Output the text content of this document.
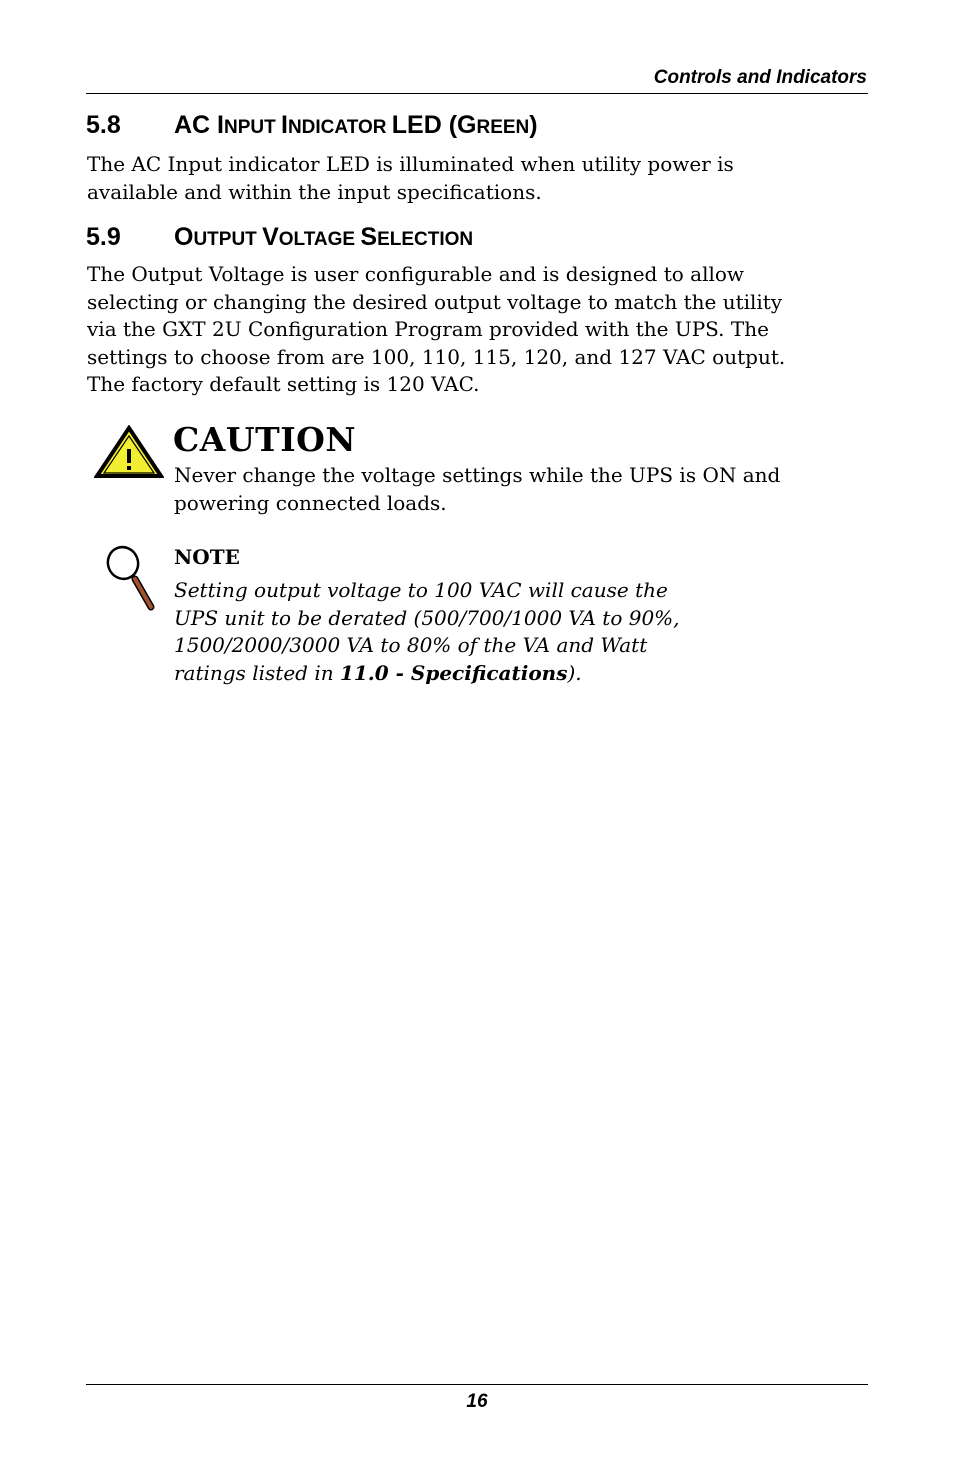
Controls and Indicators
5.8 AC INPUT INDICATOR LED (GREEN)
The AC Input indicator LED is illuminated when utility power is
available and within the input specifications.
5.9 OUTPUT VOLTAGE SELECTION
The Output Voltage is user configurable and is designed to allow
selecting or changing the desired output voltage to match the utility
via the GXT 2U Configuration Program provided with the UPS. The
settings to choose from are 100, 110, 115, 120, and 127 VAC output.
The factory default setting is 120 VAC.
CAUTION
Never change the voltage settings while the UPS is ON and
powering connected loads.
NOTE
Setting output voltage to 100 VAC will cause the
UPS unit to be derated (500/700/1000 VA to 90%,
1500/2000/3000 VA to 80% of the VA and Watt
ratings listed in 11.0 - Specifications).
16
